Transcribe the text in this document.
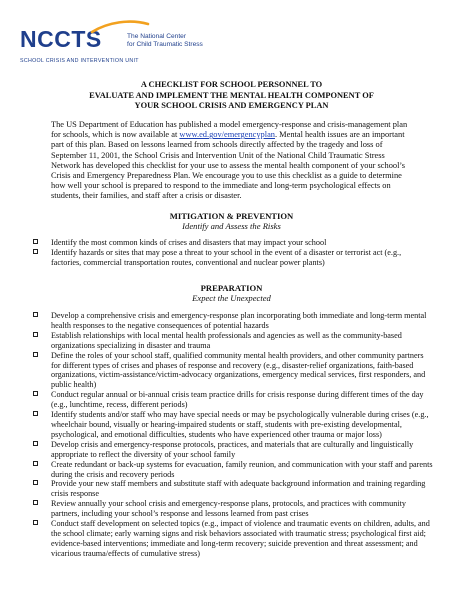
NCCTS	The National Center
for Child Traumatic Stress
SCHOOL CRISIS AND INTERVENTION UNIT
A CHECKLIST FOR SCHOOL PERSONNEL TO
EVALUATE AND IMPLEMENT THE MENTAL HEALTH COMPONENT OF
YOUR SCHOOL CRISIS AND EMERGENCY PLAN

The US Department of Education has published a model emergency-response and crisis-management plan for schools, which is now available at www.ed.gov/emergencyplan. Mental health issues are an important part of this plan. Based on lessons learned from schools directly affected by the tragedy and loss of September 11, 2001, the School Crisis and Intervention Unit of the National Child Traumatic Stress Network has developed this checklist for your use to assess the mental health component of your school’s Crisis and Emergency Preparedness Plan. We encourage you to use this checklist as a guide to determine how well your school is prepared to respond to the immediate and long-term psychological effects on students, their families, and staff after a crisis or disaster.

MITIGATION & PREVENTION
Identify and Assess the Risks
Identify the most common kinds of crises and disasters that may impact your school
Identify hazards or sites that may pose a threat to your school in the event of a disaster or terrorist act (e.g., factories, commercial transportation routes, conventional and nuclear power plants)
PREPARATION
Expect the Unexpected
Develop a comprehensive crisis and emergency-response plan incorporating both immediate and long-term mental health responses to the negative consequences of potential hazards
Establish relationships with local mental health professionals and agencies as well as the community-based organizations specializing in disaster and trauma
Define the roles of your school staff, qualified community mental health providers, and other community partners for different types of crises and phases of response and recovery (e.g., disaster-relief organizations, faith-based organizations, victim-assistance/victim-advocacy organizations, emergency medical services, first responders, and public health)
Conduct regular annual or bi-annual crisis team practice drills for crisis response during different times of the day (e.g., lunchtime, recess, different periods)
Identify students and/or staff who may have special needs or may be psychologically vulnerable during crises (e.g., wheelchair bound, visually or hearing-impaired students or staff, students with pre-existing developmental, psychological, and emotional difficulties, students who have experienced other trauma or major loss)
Develop crisis and emergency-response protocols, practices, and materials that are culturally and linguistically appropriate to reflect the diversity of your school family
Create redundant or back-up systems for evacuation, family reunion, and communication with your staff and parents during the crisis and recovery periods
Provide your new staff members and substitute staff with adequate background information and training regarding crisis response
Review annually your school crisis and emergency-response plans, protocols, and practices with community partners, including your school’s response and lessons learned from past crises
Conduct staff development on selected topics (e.g., impact of violence and traumatic events on children, adults, and the school climate; early warning signs and risk behaviors associated with traumatic stress; psychological first aid; evidence-based interventions; immediate and long-term recovery; suicide prevention and threat assessment; and vicarious trauma/effects of cumulative stress)
